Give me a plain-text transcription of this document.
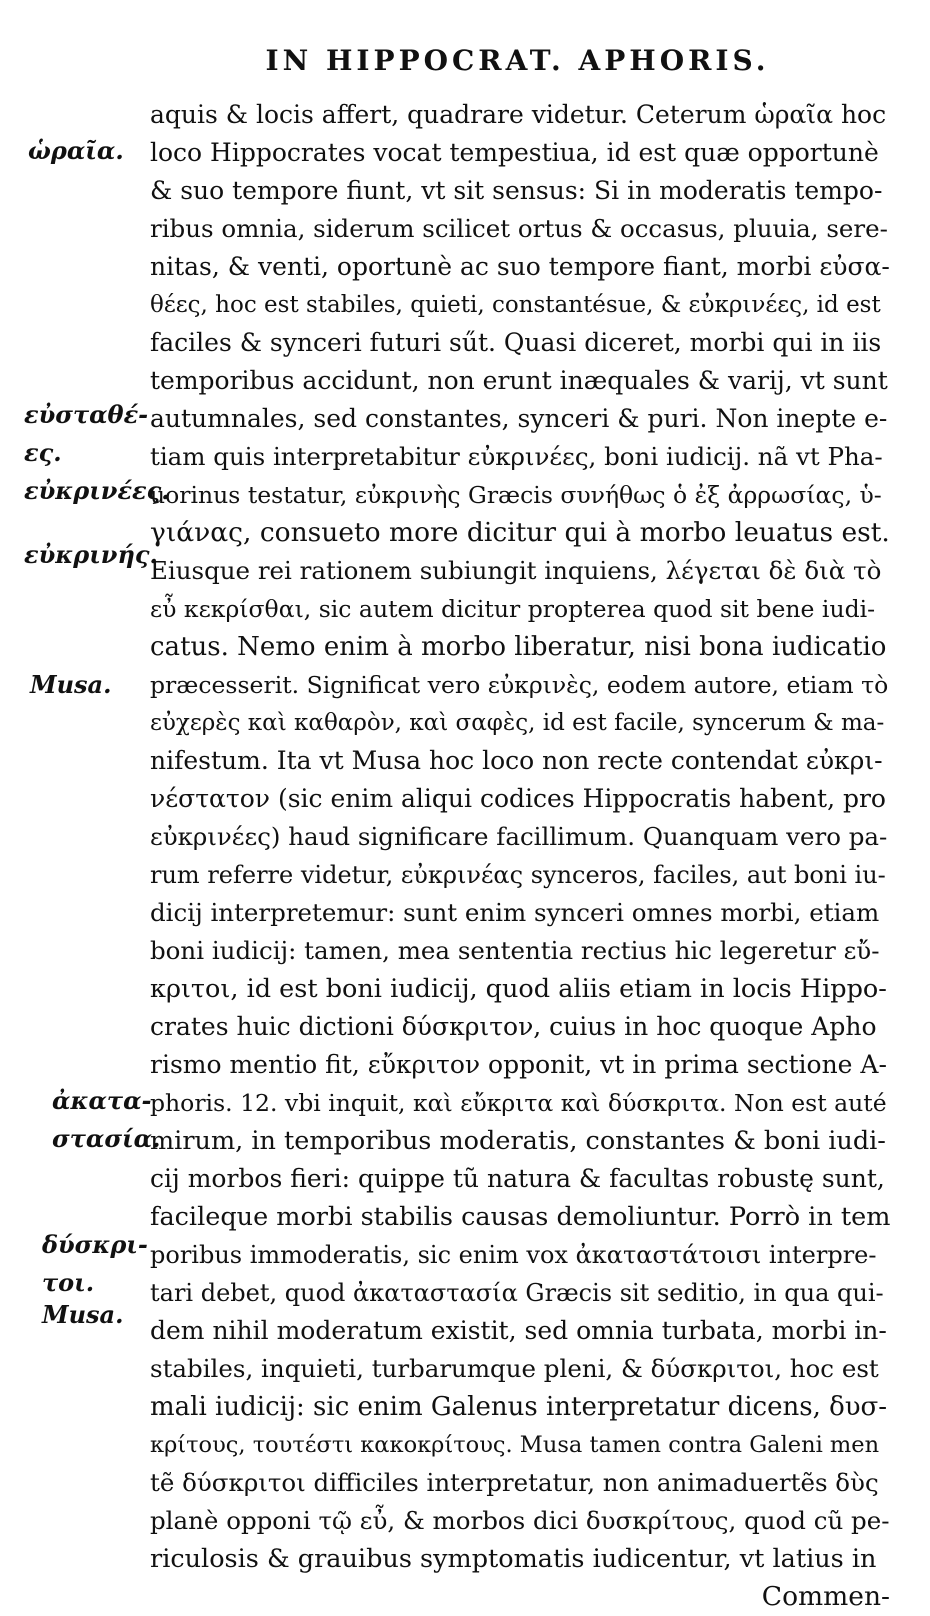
IN HIPPOCRAT. APHORIS.
ὡραῖα.
εὐσταθέ-
ες.
εὐκρινέες.
εὐκρινής.
Musa.
ἀκατα-
στασία.
δύσκρι-
τοι.
Musa.
aquis & locis affert, quadrare videtur. Ceterum ὡραῖα hoc
loco Hippocrates vocat tempestiua, id est quæ opportunè
& suo tempore fiunt, vt sit sensus: Si in moderatis tempo-
ribus omnia, siderum scilicet ortus & occasus, pluuia, sere-
nitas, & venti, oportunè ac suo tempore fiant, morbi εὐσα-
θέες, hoc est stabiles, quieti, constantésue, & εὐκρινέες, id est
faciles & synceri futuri sűt. Quasi diceret, morbi qui in iis
temporibus accidunt, non erunt inæquales & varij, vt sunt
autumnales, sed constantes, synceri & puri. Non inepte e-
tiam quis interpretabitur εὐκρινέες, boni iudicij. nã vt Pha-
uorinus testatur, εὐκρινὴς Græcis συνήθως ὁ ἐξ ἀρρωσίας, ὑ-
γιάνας, consueto more dicitur qui à morbo leuatus est.
Eiusque rei rationem subiungit inquiens, λέγεται δὲ διὰ τὸ
εὖ κεκρίσθαι, sic autem dicitur propterea quod sit bene iudi-
catus. Nemo enim à morbo liberatur, nisi bona iudicatio
præcesserit. Significat vero εὐκρινὲς, eodem autore, etiam τὸ
εὐχερὲς καὶ καθαρὸν, καὶ σαφὲς, id est facile, syncerum & ma-
nifestum. Ita vt Musa hoc loco non recte contendat εὐκρι-
νέστατον (sic enim aliqui codices Hippocratis habent, pro
εὐκρινέες) haud significare facillimum. Quanquam vero pa-
rum referre videtur, εὐκρινέας synceros, faciles, aut boni iu-
dicij interpretemur: sunt enim synceri omnes morbi, etiam
boni iudicij: tamen, mea sententia rectius hic legeretur εὔ-
κριτοι, id est boni iudicij, quod aliis etiam in locis Hippo-
crates huic dictioni δύσκριτον, cuius in hoc quoque Apho
rismo mentio fit, εὔκριτον opponit, vt in prima sectione A-
phoris. 12. vbi inquit, καὶ εὔκριτα καὶ δύσκριτα. Non est auté
mirum, in temporibus moderatis, constantes & boni iudi-
cij morbos fieri: quippe tũ natura & facultas robustę sunt,
facileque morbi stabilis causas demoliuntur. Porrò in tem
poribus immoderatis, sic enim vox ἀκαταστάτοισι interpre-
tari debet, quod ἀκαταστασία Græcis sit seditio, in qua qui-
dem nihil moderatum existit, sed omnia turbata, morbi in-
stabiles, inquieti, turbarumque pleni, & δύσκριτοι, hoc est
mali iudicij: sic enim Galenus interpretatur dicens, δυσ-
κρίτους, τουτέστι κακοκρίτους. Musa tamen contra Galeni men
tẽ δύσκριτοι difficiles interpretatur, non animaduertẽs δὺς
planè opponi τῷ εὖ, & morbos dici δυσκρίτους, quod cũ pe-
riculosis & grauibus symptomatis iudicentur, vt latius in
Commen-
